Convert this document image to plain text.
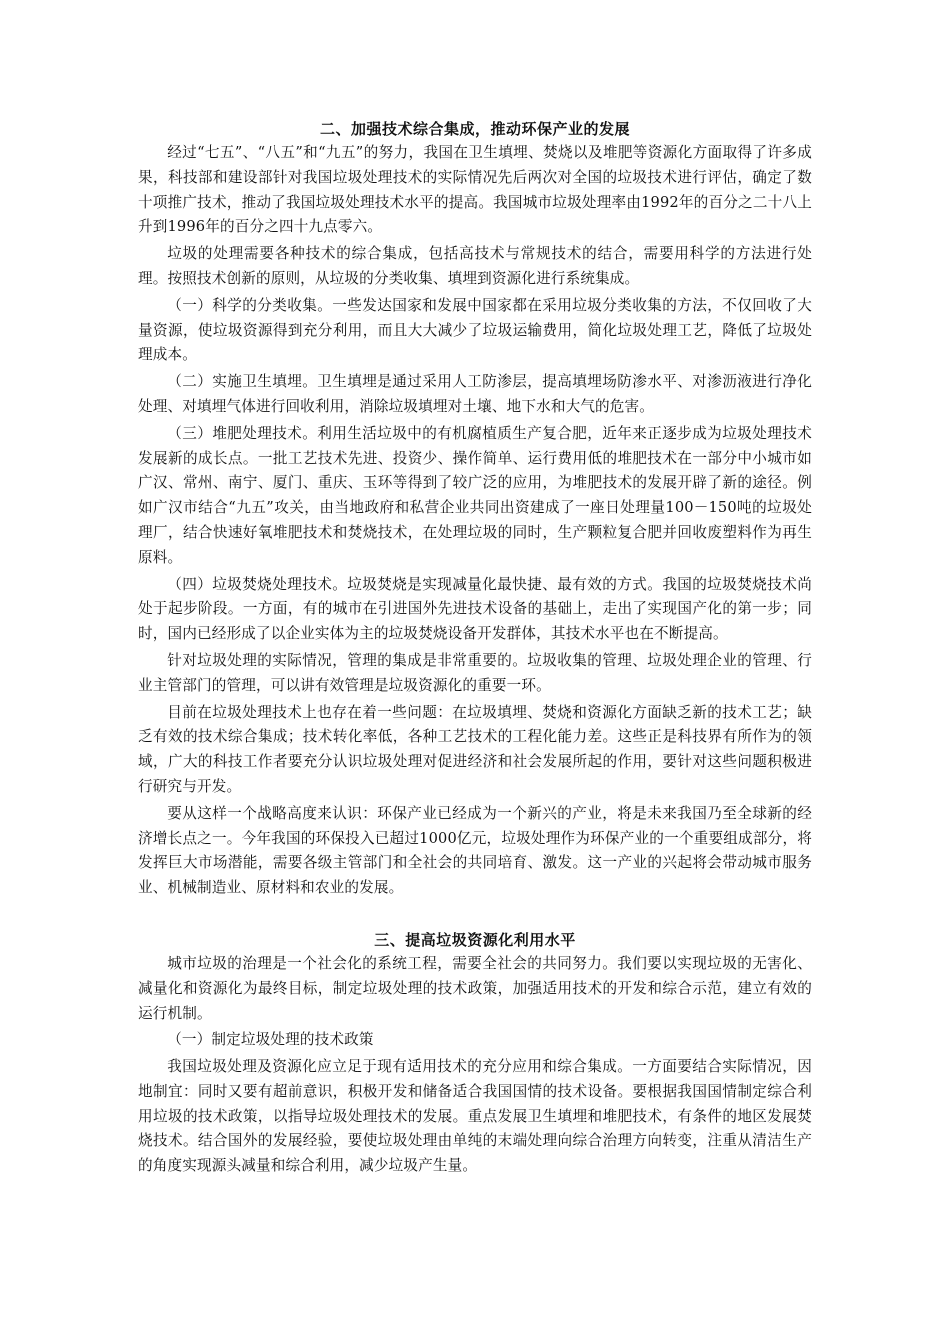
二、加强技术综合集成，推动环保产业的发展

经过“七五”、“八五”和“九五”的努力，我国在卫生填埋、焚烧以及堆肥等资源化方面取得了许多成果，科技部和建设部针对我国垃圾处理技术的实际情况先后两次对全国的垃圾技术进行评估，确定了数十项推广技术，推动了我国垃圾处理技术水平的提高。我国城市垃圾处理率由1992年的百分之二十八上升到1996年的百分之四十九点零六。

垃圾的处理需要各种技术的综合集成，包括高技术与常规技术的结合，需要用科学的方法进行处理。按照技术创新的原则，从垃圾的分类收集、填埋到资源化进行系统集成。

（一）科学的分类收集。一些发达国家和发展中国家都在采用垃圾分类收集的方法，不仅回收了大量资源，使垃圾资源得到充分利用，而且大大减少了垃圾运输费用，简化垃圾处理工艺，降低了垃圾处理成本。

（二）实施卫生填埋。卫生填埋是通过采用人工防渗层，提高填埋场防渗水平、对渗沥液进行净化处理、对填埋气体进行回收利用，消除垃圾填埋对土壤、地下水和大气的危害。

（三）堆肥处理技术。利用生活垃圾中的有机腐植质生产复合肥，近年来正逐步成为垃圾处理技术发展新的成长点。一批工艺技术先进、投资少、操作简单、运行费用低的堆肥技术在一部分中小城市如广汉、常州、南宁、厦门、重庆、玉环等得到了较广泛的应用，为堆肥技术的发展开辟了新的途径。例如广汉市结合“九五”攻关，由当地政府和私营企业共同出资建成了一座日处理量100－150吨的垃圾处理厂，结合快速好氧堆肥技术和焚烧技术，在处理垃圾的同时，生产颗粒复合肥并回收废塑料作为再生原料。

（四）垃圾焚烧处理技术。垃圾焚烧是实现减量化最快捷、最有效的方式。我国的垃圾焚烧技术尚处于起步阶段。一方面，有的城市在引进国外先进技术设备的基础上，走出了实现国产化的第一步；同时，国内已经形成了以企业实体为主的垃圾焚烧设备开发群体，其技术水平也在不断提高。

针对垃圾处理的实际情况，管理的集成是非常重要的。垃圾收集的管理、垃圾处理企业的管理、行业主管部门的管理，可以讲有效管理是垃圾资源化的重要一环。

目前在垃圾处理技术上也存在着一些问题：在垃圾填埋、焚烧和资源化方面缺乏新的技术工艺；缺乏有效的技术综合集成；技术转化率低，各种工艺技术的工程化能力差。这些正是科技界有所作为的领域，广大的科技工作者要充分认识垃圾处理对促进经济和社会发展所起的作用，要针对这些问题积极进行研究与开发。

要从这样一个战略高度来认识：环保产业已经成为一个新兴的产业，将是未来我国乃至全球新的经济增长点之一。今年我国的环保投入已超过1000亿元，垃圾处理作为环保产业的一个重要组成部分，将发挥巨大市场潜能，需要各级主管部门和全社会的共同培育、激发。这一产业的兴起将会带动城市服务业、机械制造业、原材料和农业的发展。

三、提高垃圾资源化利用水平

城市垃圾的治理是一个社会化的系统工程，需要全社会的共同努力。我们要以实现垃圾的无害化、减量化和资源化为最终目标，制定垃圾处理的技术政策，加强适用技术的开发和综合示范，建立有效的运行机制。

（一）制定垃圾处理的技术政策

我国垃圾处理及资源化应立足于现有适用技术的充分应用和综合集成。一方面要结合实际情况，因地制宜：同时又要有超前意识，积极开发和储备适合我国国情的技术设备。要根据我国国情制定综合利用垃圾的技术政策，以指导垃圾处理技术的发展。重点发展卫生填埋和堆肥技术，有条件的地区发展焚烧技术。结合国外的发展经验，要使垃圾处理由单纯的末端处理向综合治理方向转变，注重从清洁生产的角度实现源头减量和综合利用，减少垃圾产生量。
